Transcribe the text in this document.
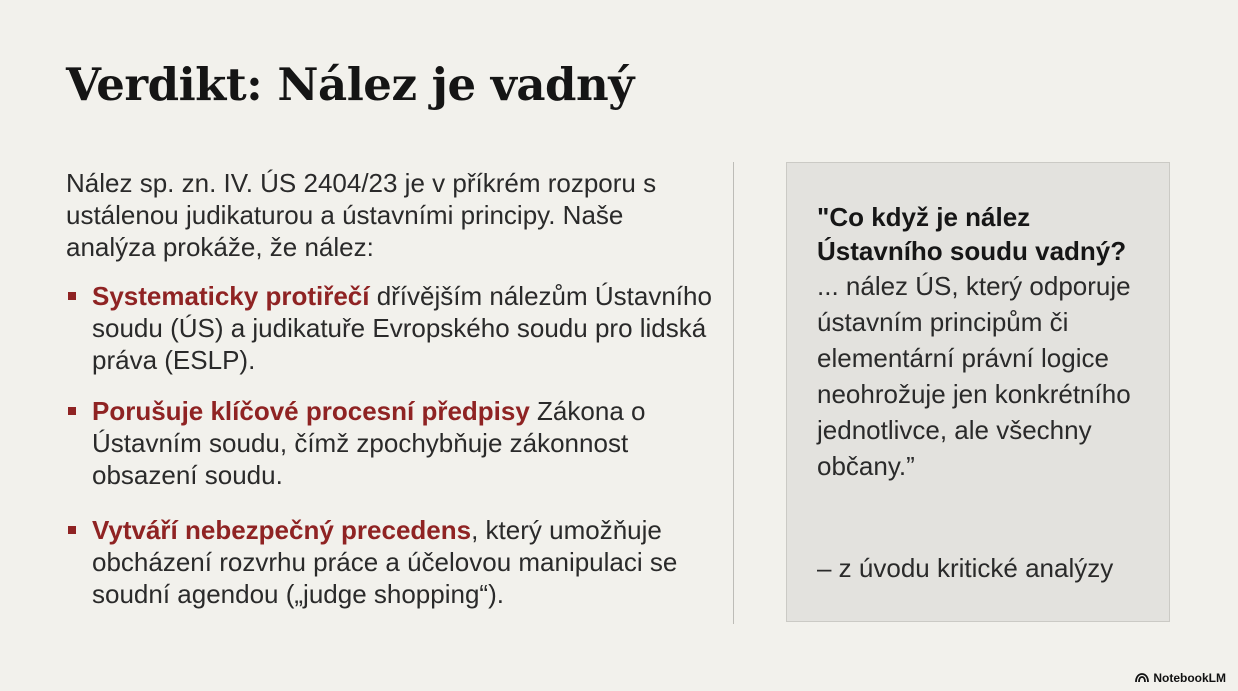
Verdikt: Nález je vadný

Nález sp. zn. IV. ÚS 2404/23 je v příkrém rozporu s ustálenou judikaturou a ústavními principy. Naše analýza prokáže, že nález:

Systematicky protiřečí dřívějším nálezům Ústavního soudu (ÚS) a judikatuře Evropského soudu pro lidská práva (ESLP).
Porušuje klíčové procesní předpisy Zákona o Ústavním soudu, čímž zpochybňuje zákonnost obsazení soudu.
Vytváří nebezpečný precedens, který umožňuje obcházení rozvrhu práce a účelovou manipulaci se soudní agendou („judge shopping“).

"Co když je nález Ústavního soudu vadný?

... nález ÚS, který odporuje ústavním principům či elementární právní logice neohrožuje jen konkrétního jednotlivce, ale všechny občany.”

– z úvodu kritické analýzy

NotebookLM
